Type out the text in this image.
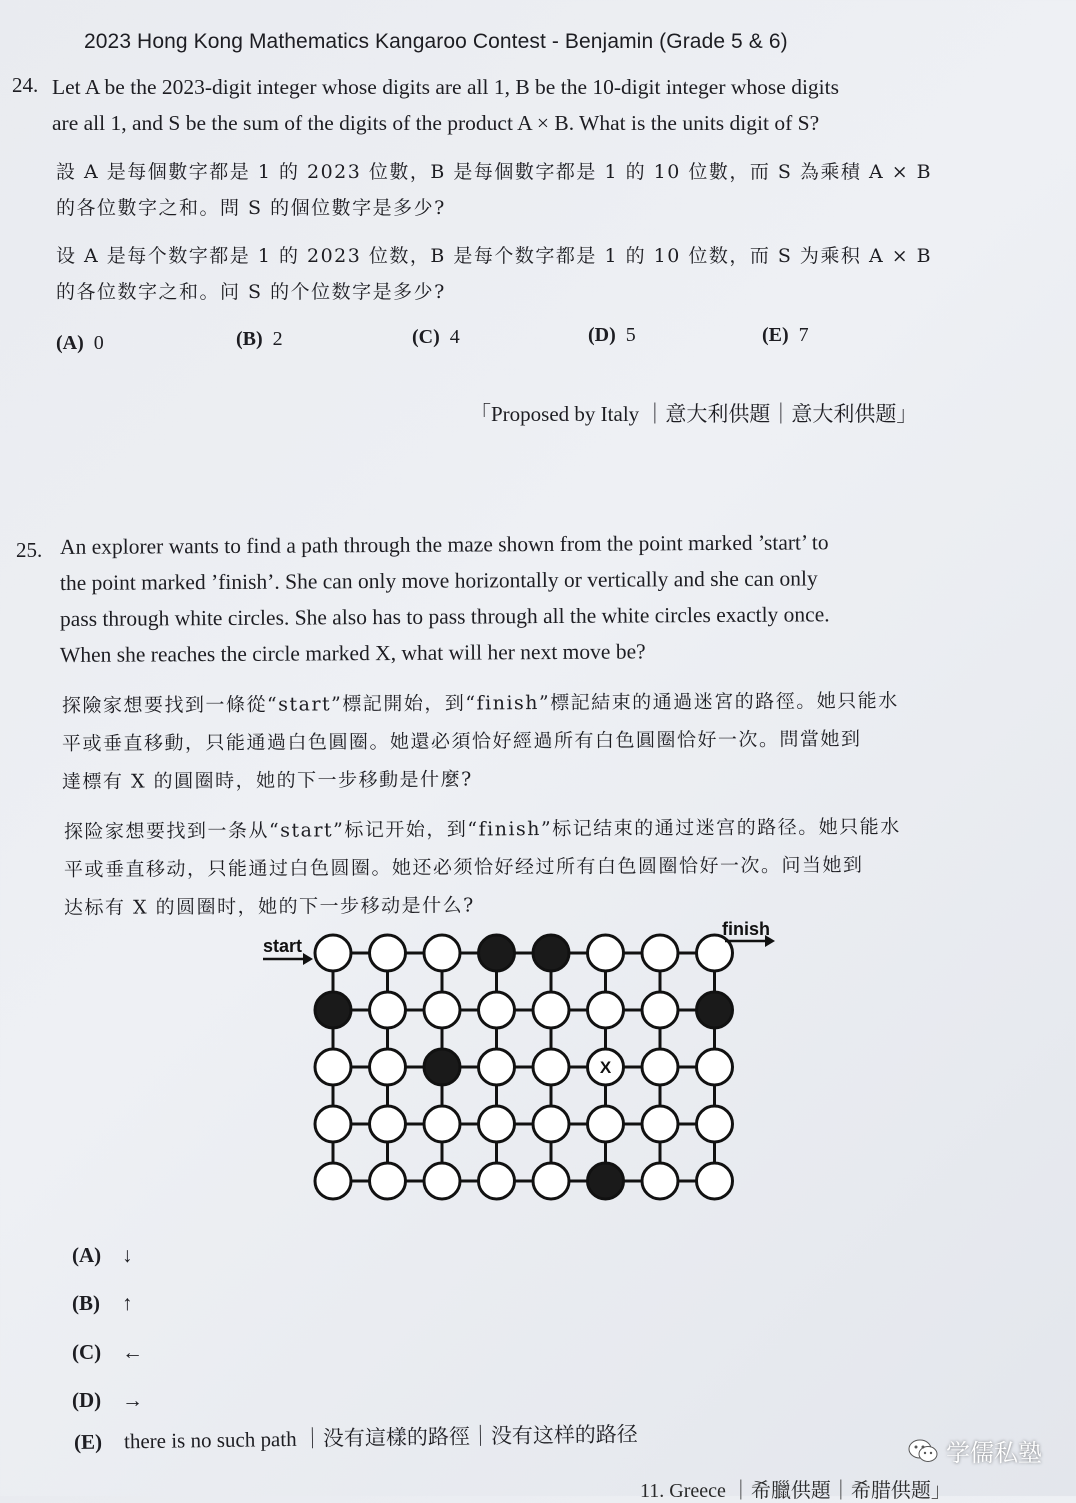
2023 Hong Kong Mathematics Kangaroo Contest - Benjamin (Grade 5 & 6)
24. Let A be the 2023-digit integer whose digits are all 1, B be the 10-digit integer whose digits
are all 1, and S be the sum of the digits of the product A × B. What is the units digit of S?
設 A 是每個數字都是 1 的 2023 位數，B 是每個數字都是 1 的 10 位數，而 S 為乘積 A × B
的各位數字之和。問 S 的個位數字是多少?
设 A 是每个数字都是 1 的 2023 位数，B 是每个数字都是 1 的 10 位数，而 S 为乘积 A × B
的各位数字之和。问 S 的个位数字是多少?
(A) 0	(B) 2	(C) 4	(D) 5	(E) 7
「Proposed by Italy ｜意大利供題｜意大利供题」
25. An explorer wants to find a path through the maze shown from the point marked ’start’ to
the point marked ’finish’. She can only move horizontally or vertically and she can only
pass through white circles. She also has to pass through all the white circles exactly once.
When she reaches the circle marked X, what will her next move be?
探險家想要找到一條從“start”標記開始，到“finish”標記結束的通過迷宮的路徑。她只能水
平或垂直移動，只能通過白色圓圈。她還必須恰好經過所有白色圓圈恰好一次。問當她到
達標有 X 的圓圈時，她的下一步移動是什麼?
探险家想要找到一条从“start”标记开始，到“finish”标记结束的通过迷宫的路径。她只能水
平或垂直移动，只能通过白色圆圈。她还必须恰好经过所有白色圆圈恰好一次。问当她到
达标有 X 的圆圈时，她的下一步移动是什么?
X
start
finish
(A) ↓
(B) ↑
(C) ←
(D) →
(E) there is no such path ｜没有這樣的路徑｜没有这样的路径	学儒私塾
11. Greece ｜希臘供題｜希腊供题」
